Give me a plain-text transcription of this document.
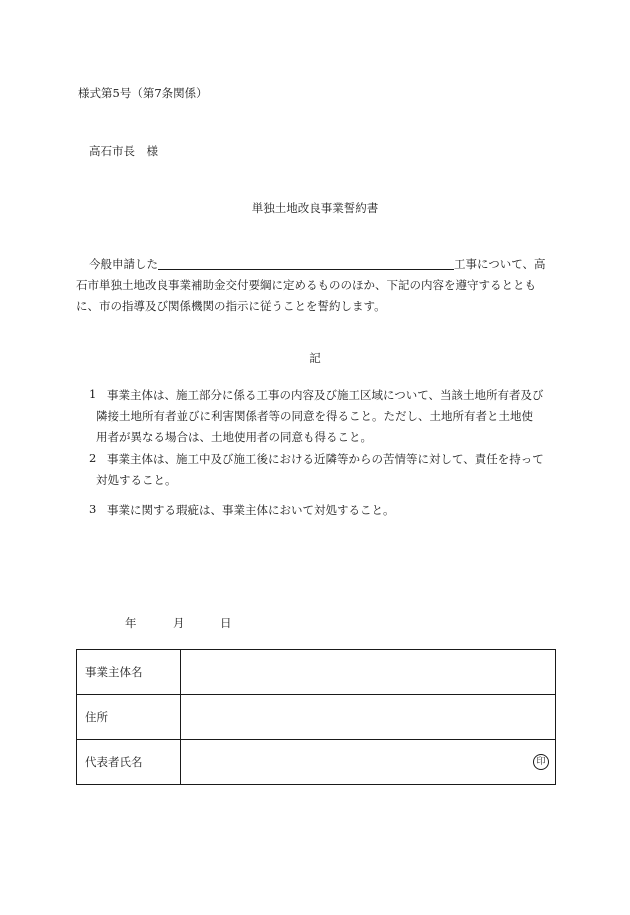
様式第5号（第7条関係）
高石市長　様
単独土地改良事業誓約書
今般申請した	工事について、高
石市単独土地改良事業補助金交付要綱に定めるもののほか、下記の内容を遵守するととも
に、市の指導及び関係機関の指示に従うことを誓約します。
記
1 事業主体は、施工部分に係る工事の内容及び施工区域について、当該土地所有者及び
隣接土地所有者並びに利害関係者等の同意を得ること。ただし、土地所有者と土地使
用者が異なる場合は、土地使用者の同意も得ること。
2 事業主体は、施工中及び施工後における近隣等からの苦情等に対して、責任を持って
対処すること。
3 事業に関する瑕疵は、事業主体において対処すること。
年	月	日
事業主体名	
住所	
代表者氏名	印
